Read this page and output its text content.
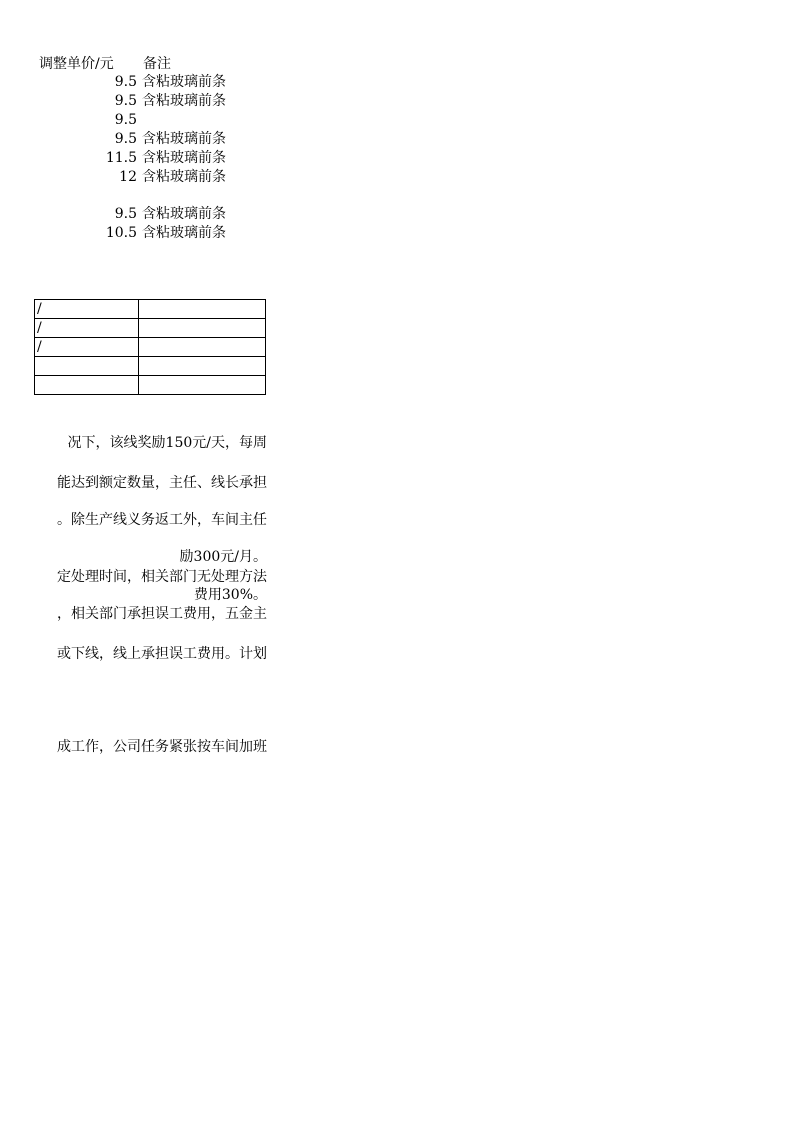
调整单价/元 备注
9.5 含粘玻璃前条
9.5 含粘玻璃前条
9.5
9.5 含粘玻璃前条
11.5 含粘玻璃前条
12 含粘玻璃前条
9.5 含粘玻璃前条
10.5 含粘玻璃前条
/	
/	
/	

况下，该线奖励150元/天，每周
能达到额定数量，主任、线长承担
。除生产线义务返工外，车间主任
励300元/月。
定处理时间，相关部门无处理方法
费用30%。
，相关部门承担误工费用，五金主
或下线，线上承担误工费用。计划
成工作，公司任务紧张按车间加班
